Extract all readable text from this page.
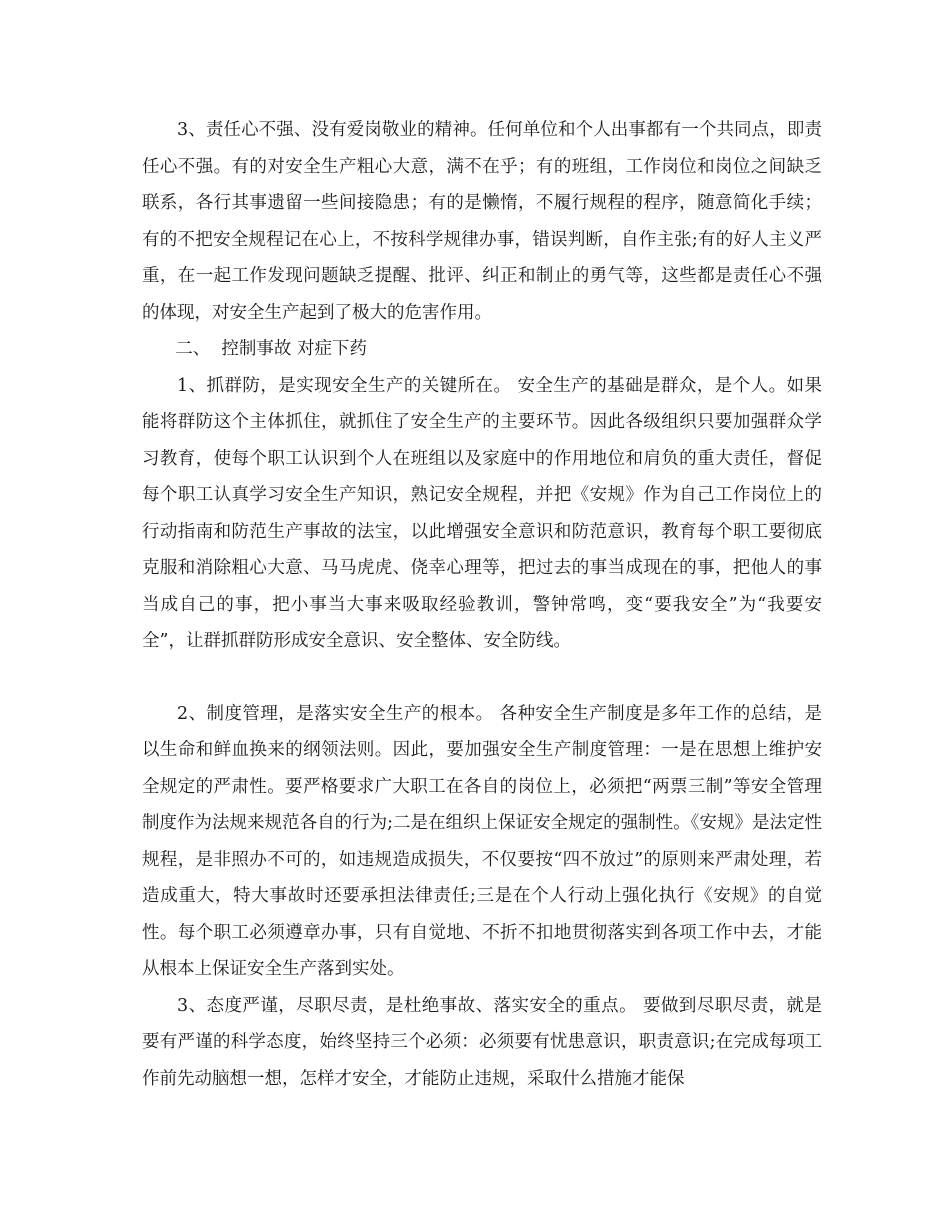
3、责任心不强、没有爱岗敬业的精神。任何单位和个人出事都有一个共同点，即责任心不强。有的对安全生产粗心大意，满不在乎；有的班组，工作岗位和岗位之间缺乏联系，各行其事遗留一些间接隐患；有的是懒惰，不履行规程的程序，随意简化手续；有的不把安全规程记在心上，不按科学规律办事，错误判断，自作主张;有的好人主义严重，在一起工作发现问题缺乏提醒、批评、纠正和制止的勇气等，这些都是责任心不强的体现，对安全生产起到了极大的危害作用。

二、  控制事故 对症下药

1、抓群防，是实现安全生产的关键所在。 安全生产的基础是群众，是个人。如果能将群防这个主体抓住，就抓住了安全生产的主要环节。因此各级组织只要加强群众学习教育，使每个职工认识到个人在班组以及家庭中的作用地位和肩负的重大责任，督促每个职工认真学习安全生产知识，熟记安全规程，并把《安规》作为自己工作岗位上的行动指南和防范生产事故的法宝，以此增强安全意识和防范意识，教育每个职工要彻底克服和消除粗心大意、马马虎虎、侥幸心理等，把过去的事当成现在的事，把他人的事当成自己的事，把小事当大事来吸取经验教训，警钟常鸣，变“要我安全”为“我要安全”，让群抓群防形成安全意识、安全整体、安全防线。

2、制度管理，是落实安全生产的根本。 各种安全生产制度是多年工作的总结，是以生命和鲜血换来的纲领法则。因此，要加强安全生产制度管理：一是在思想上维护安全规定的严肃性。要严格要求广大职工在各自的岗位上，必须把“两票三制”等安全管理制度作为法规来规范各自的行为;二是在组织上保证安全规定的强制性。《安规》是法定性规程，是非照办不可的，如违规造成损失，不仅要按“四不放过”的原则来严肃处理，若造成重大，特大事故时还要承担法律责任;三是在个人行动上强化执行《安规》的自觉性。每个职工必须遵章办事，只有自觉地、不折不扣地贯彻落实到各项工作中去，才能从根本上保证安全生产落到实处。

3、态度严谨，尽职尽责，是杜绝事故、落实安全的重点。 要做到尽职尽责，就是要有严谨的科学态度，始终坚持三个必须：必须要有忧患意识，职责意识;在完成每项工作前先动脑想一想，怎样才安全，才能防止违规，采取什么措施才能保
